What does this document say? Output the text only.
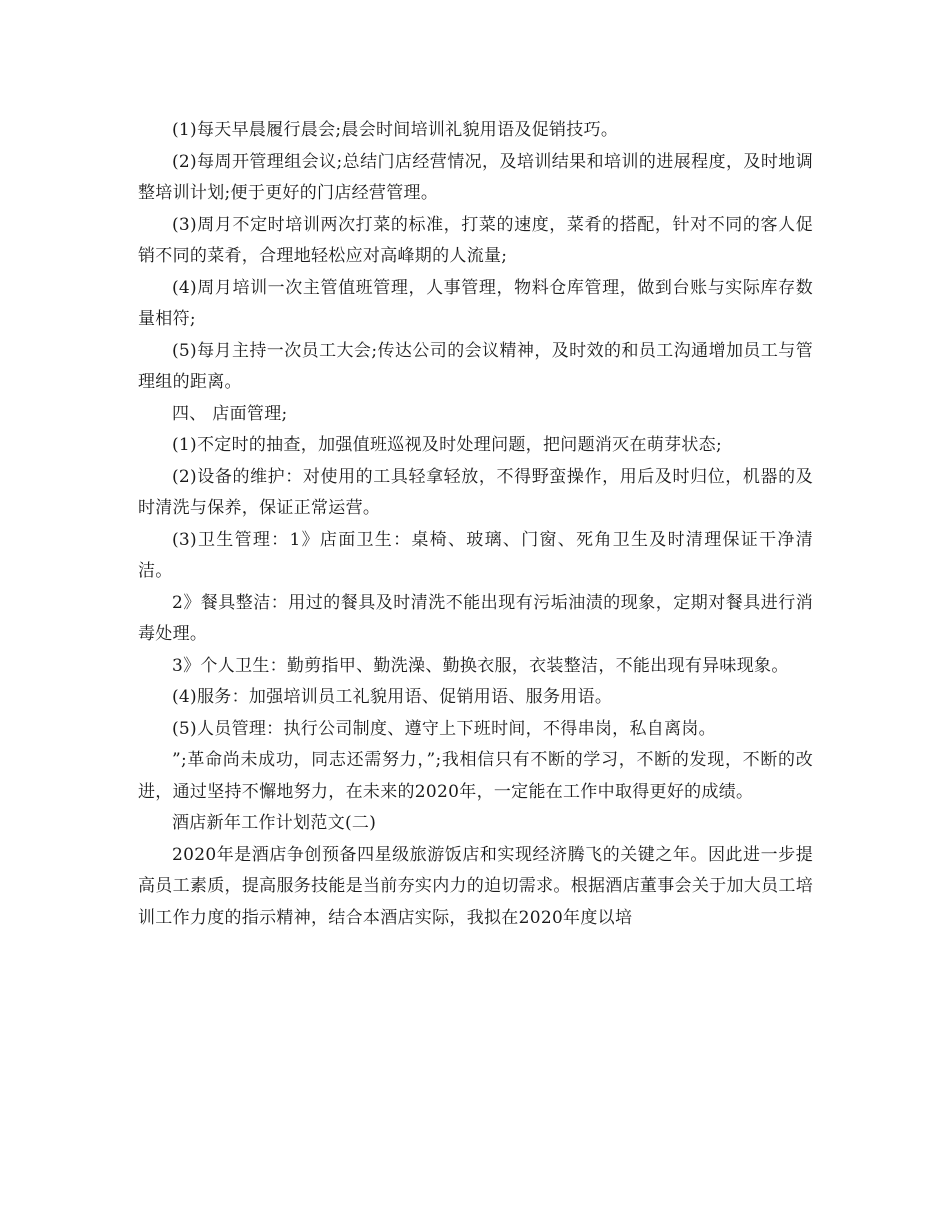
(1)每天早晨履行晨会;晨会时间培训礼貌用语及促销技巧。

(2)每周开管理组会议;总结门店经营情况，及培训结果和培训的进展程度，及时地调整培训计划;便于更好的门店经营管理。

(3)周月不定时培训两次打菜的标准，打菜的速度，菜肴的搭配，针对不同的客人促销不同的菜肴，合理地轻松应对高峰期的人流量;

(4)周月培训一次主管值班管理，人事管理，物料仓库管理，做到台账与实际库存数量相符;

(5)每月主持一次员工大会;传达公司的会议精神，及时效的和员工沟通增加员工与管理组的距离。

四、 店面管理;

(1)不定时的抽查，加强值班巡视及时处理问题，把问题消灭在萌芽状态;

(2)设备的维护：对使用的工具轻拿轻放，不得野蛮操作，用后及时归位，机器的及时清洗与保养，保证正常运营。

(3)卫生管理：1》店面卫生：桌椅、玻璃、门窗、死角卫生及时清理保证干净清洁。

2》餐具整洁：用过的餐具及时清洗不能出现有污垢油渍的现象，定期对餐具进行消毒处理。

3》个人卫生：勤剪指甲、勤洗澡、勤换衣服，衣装整洁，不能出现有异味现象。

(4)服务：加强培训员工礼貌用语、促销用语、服务用语。

(5)人员管理：执行公司制度、遵守上下班时间，不得串岗，私自离岗。

”;革命尚未成功，同志还需努力，”;我相信只有不断的学习，不断的发现，不断的改进，通过坚持不懈地努力，在未来的2020年，一定能在工作中取得更好的成绩。

酒店新年工作计划范文(二)

2020年是酒店争创预备四星级旅游饭店和实现经济腾飞的关键之年。因此进一步提高员工素质，提高服务技能是当前夯实内力的迫切需求。根据酒店董事会关于加大员工培训工作力度的指示精神，结合本酒店实际，我拟在2020年度以培
